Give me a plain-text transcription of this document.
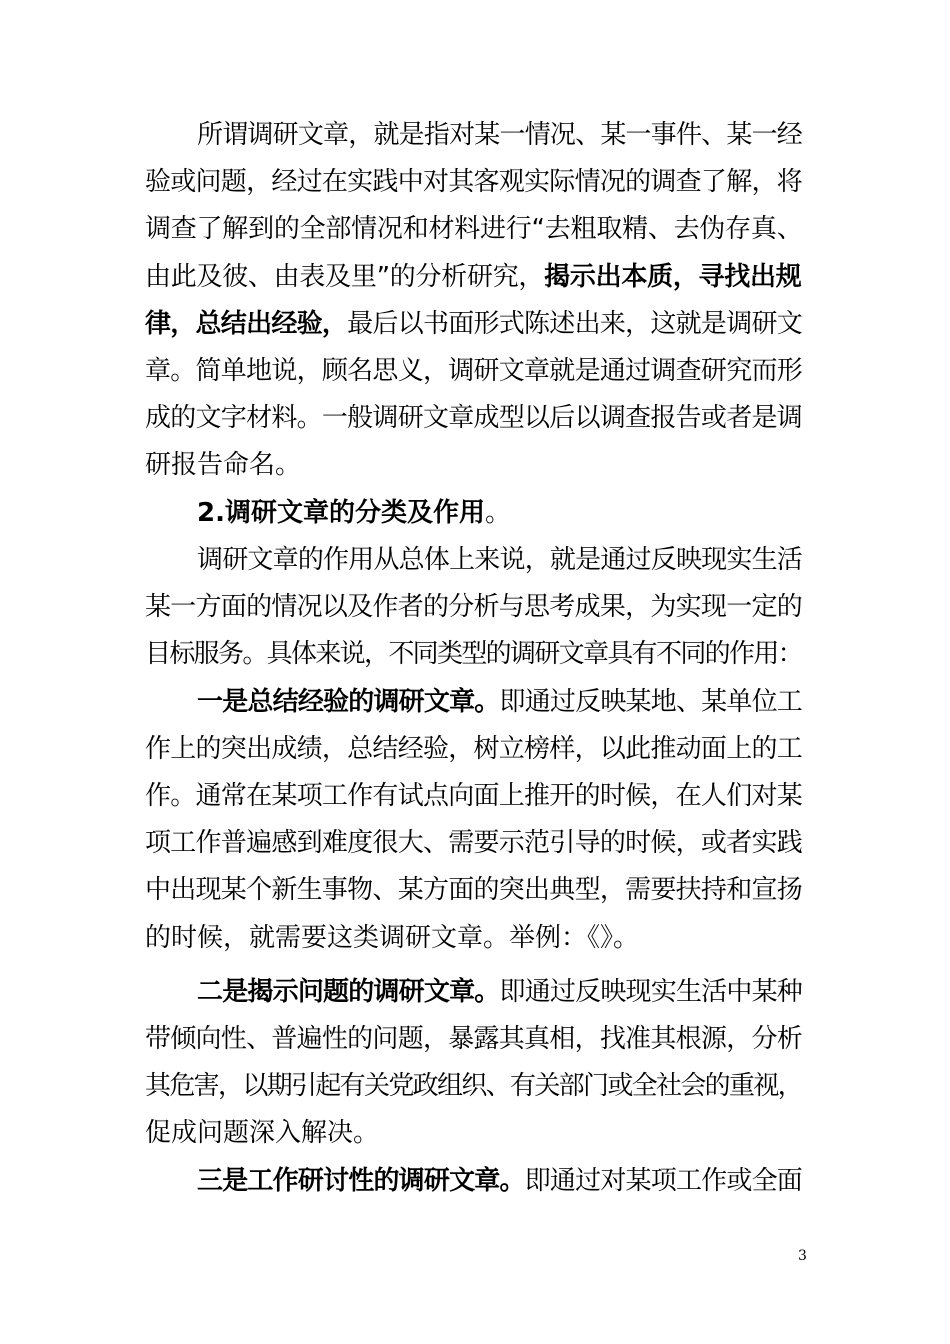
所谓调研文章，就是指对某一情况、某一事件、某一经
验或问题，经过在实践中对其客观实际情况的调查了解，将
调查了解到的全部情况和材料进行“去粗取精、去伪存真、
由此及彼、由表及里”的分析研究，揭示出本质，寻找出规
律，总结出经验，最后以书面形式陈述出来，这就是调研文
章。简单地说，顾名思义，调研文章就是通过调查研究而形
成的文字材料。一般调研文章成型以后以调查报告或者是调
研报告命名。
2.调研文章的分类及作用。
调研文章的作用从总体上来说，就是通过反映现实生活
某一方面的情况以及作者的分析与思考成果，为实现一定的
目标服务。具体来说，不同类型的调研文章具有不同的作用：
一是总结经验的调研文章。即通过反映某地、某单位工
作上的突出成绩，总结经验，树立榜样，以此推动面上的工
作。通常在某项工作有试点向面上推开的时候，在人们对某
项工作普遍感到难度很大、需要示范引导的时候，或者实践
中出现某个新生事物、某方面的突出典型，需要扶持和宣扬
的时候，就需要这类调研文章。举例：《》。
二是揭示问题的调研文章。即通过反映现实生活中某种
带倾向性、普遍性的问题，暴露其真相，找准其根源，分析
其危害，以期引起有关党政组织、有关部门或全社会的重视，
促成问题深入解决。
三是工作研讨性的调研文章。即通过对某项工作或全面
3
